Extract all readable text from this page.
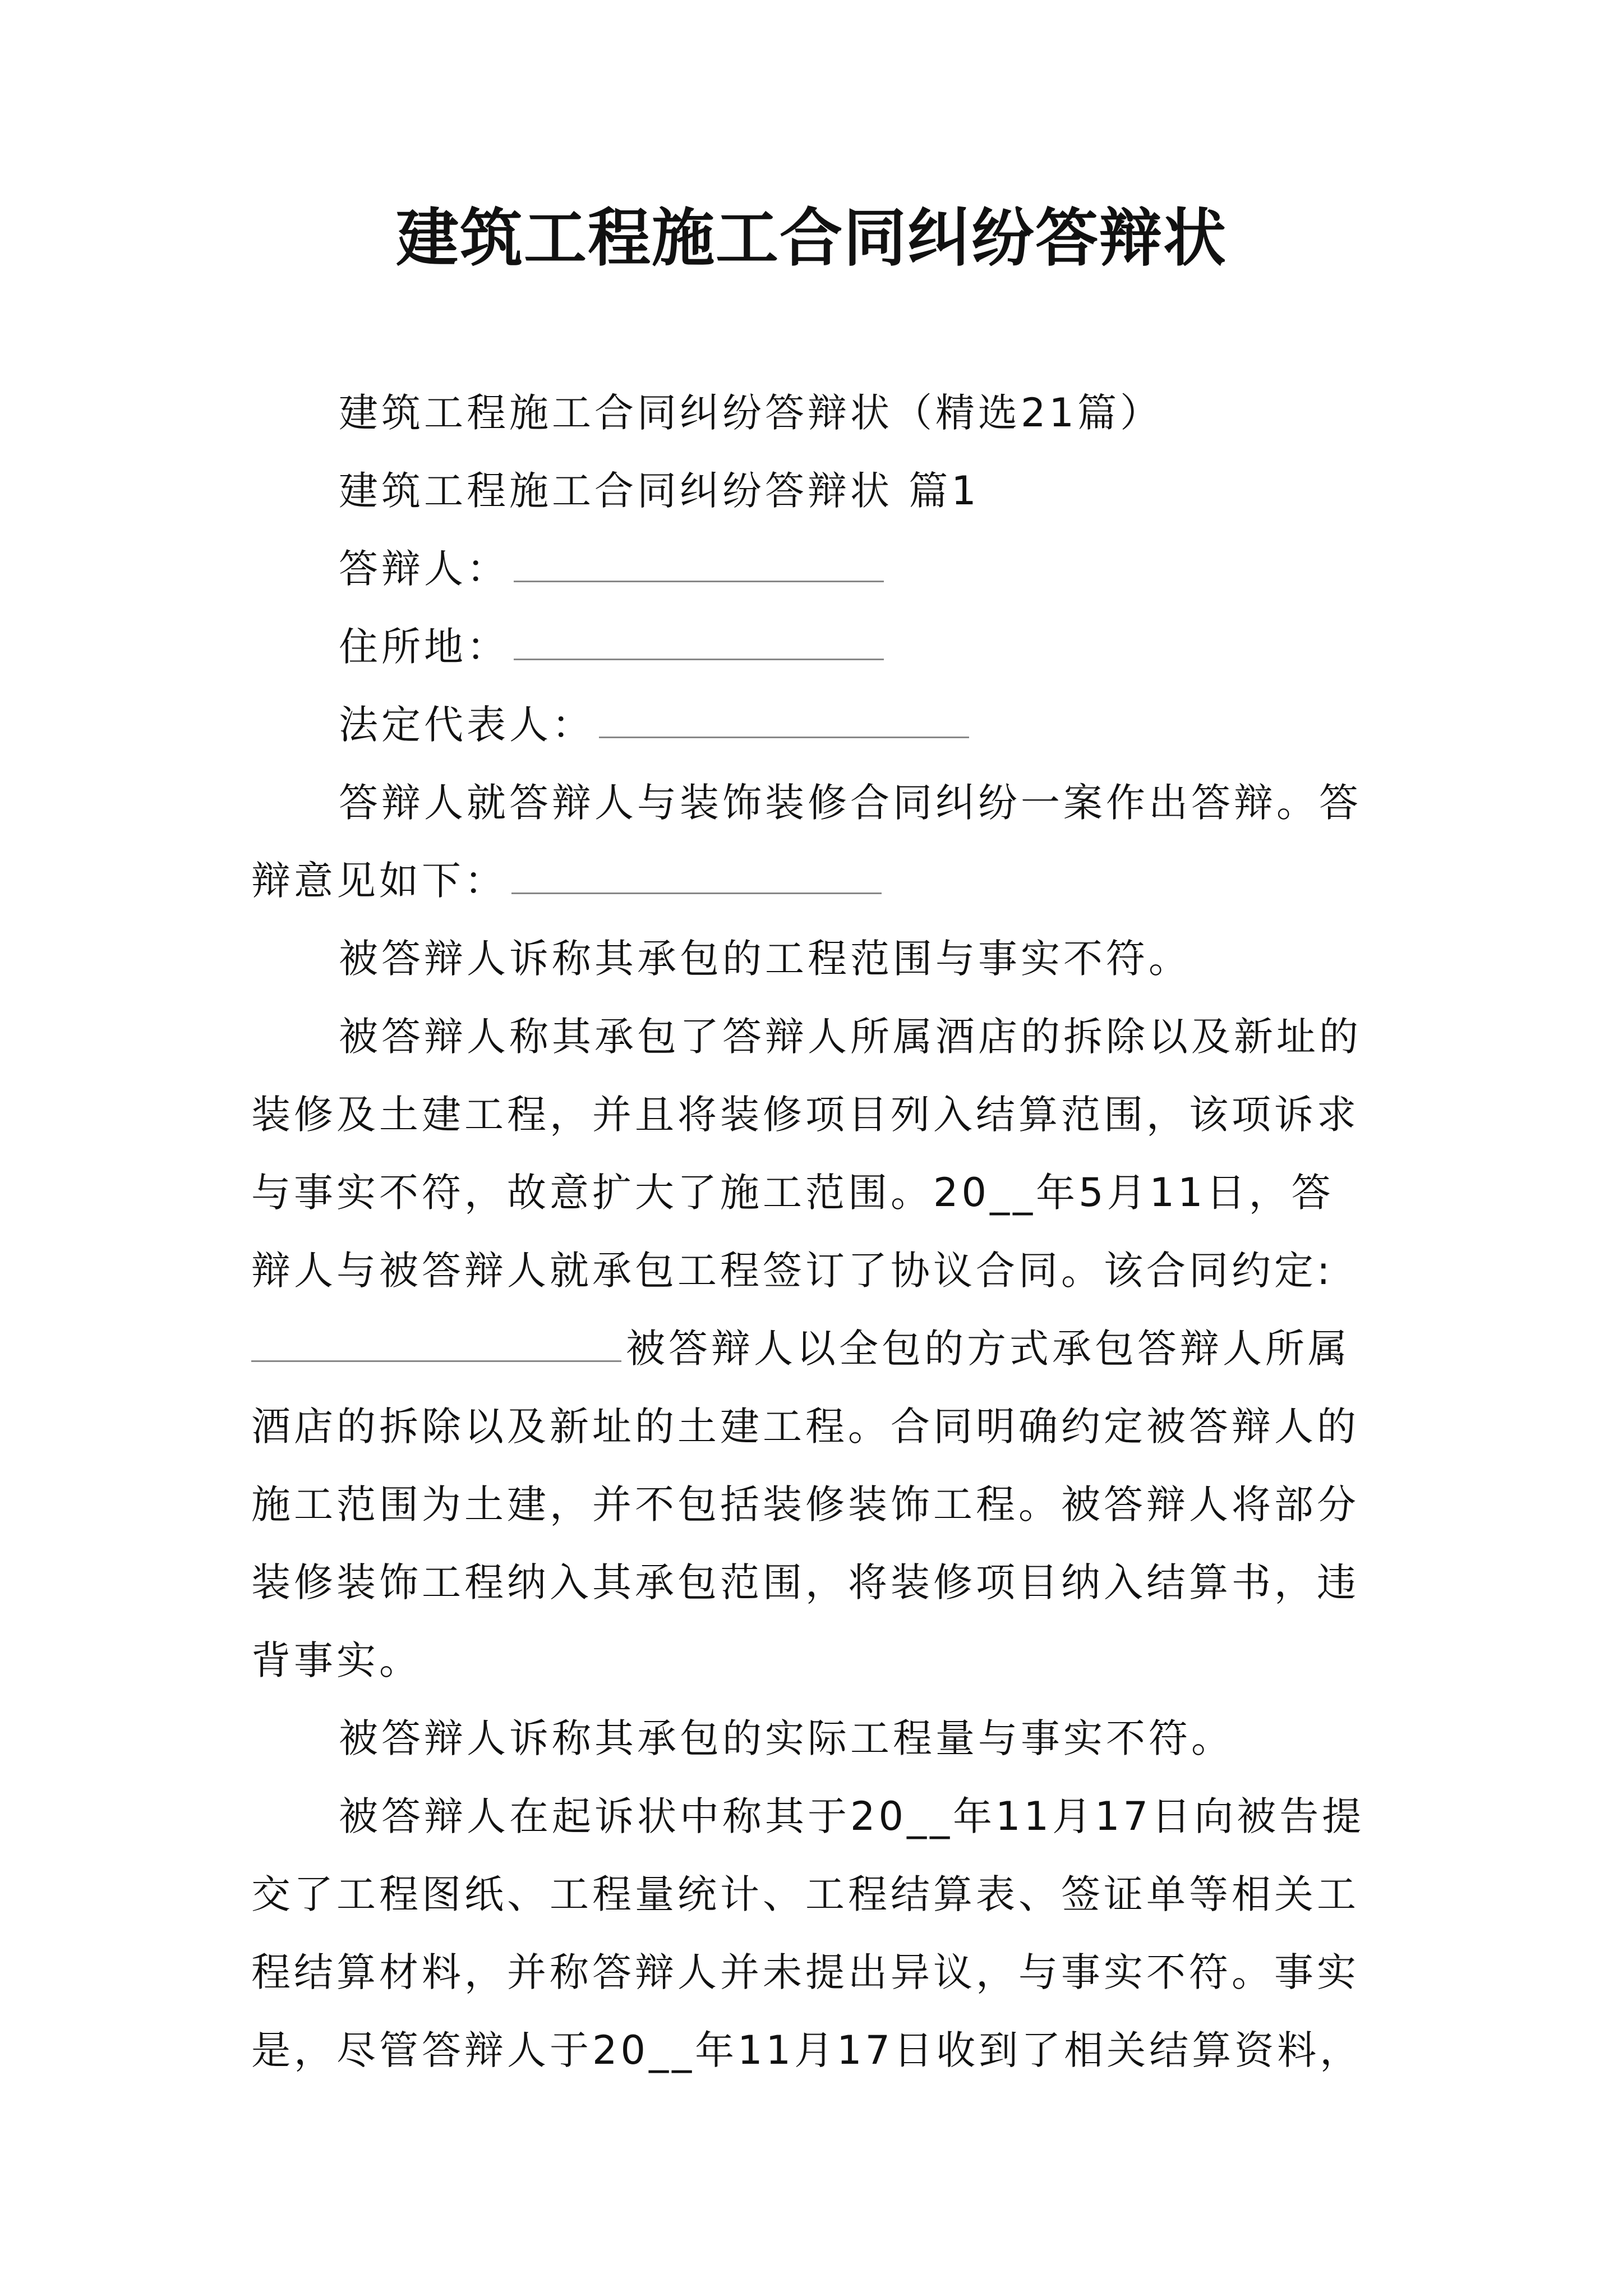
建筑工程施工合同纠纷答辩状

建筑工程施工合同纠纷答辩状（精选21篇）

建筑工程施工合同纠纷答辩状 篇1

答辩人：

住所地：

法定代表人：

答辩人就答辩人与装饰装修合同纠纷一案作出答辩。答辩意见如下：

被答辩人诉称其承包的工程范围与事实不符。

被答辩人称其承包了答辩人所属酒店的拆除以及新址的装修及土建工程，并且将装修项目列入结算范围，该项诉求与事实不符，故意扩大了施工范围。20__年5月11日，答辩人与被答辩人就承包工程签订了协议合同。该合同约定:

被答辩人以全包的方式承包答辩人所属酒店的拆除以及新址的土建工程。合同明确约定被答辩人的施工范围为土建，并不包括装修装饰工程。被答辩人将部分装修装饰工程纳入其承包范围，将装修项目纳入结算书，违背事实。

被答辩人诉称其承包的实际工程量与事实不符。

被答辩人在起诉状中称其于20__年11月17日向被告提交了工程图纸、工程量统计、工程结算表、签证单等相关工程结算材料，并称答辩人并未提出异议，与事实不符。事实是，尽管答辩人于20__年11月17日收到了相关结算资料，
